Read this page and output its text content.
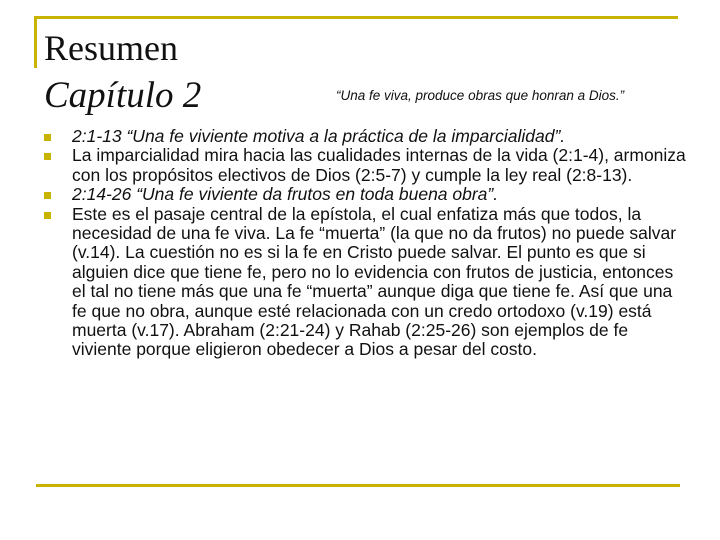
Resumen
Capítulo 2	“Una fe viva, produce obras que honran a Dios.”
2:1-13 “Una fe viviente motiva a la práctica de la imparcialidad”.
La imparcialidad mira hacia las cualidades internas de la vida (2:1-4), armoniza con los propósitos electivos de Dios (2:5-7) y cumple la ley real (2:8-13).
2:14-26 “Una fe viviente da frutos en toda buena obra”.
Este es el pasaje central de la epístola, el cual enfatiza más que todos, la necesidad de una fe viva. La fe “muerta” (la que no da frutos) no puede salvar (v.14). La cuestión no es si la fe en Cristo puede salvar. El punto es que si alguien dice que tiene fe, pero no lo evidencia con frutos de justicia, entonces el tal no tiene más que una fe “muerta” aunque diga que tiene fe. Así que una fe que no obra, aunque esté relacionada con un credo ortodoxo (v.19) está muerta (v.17). Abraham (2:21-24) y Rahab (2:25-26) son ejemplos de fe viviente porque eligieron obedecer a Dios a pesar del costo.
